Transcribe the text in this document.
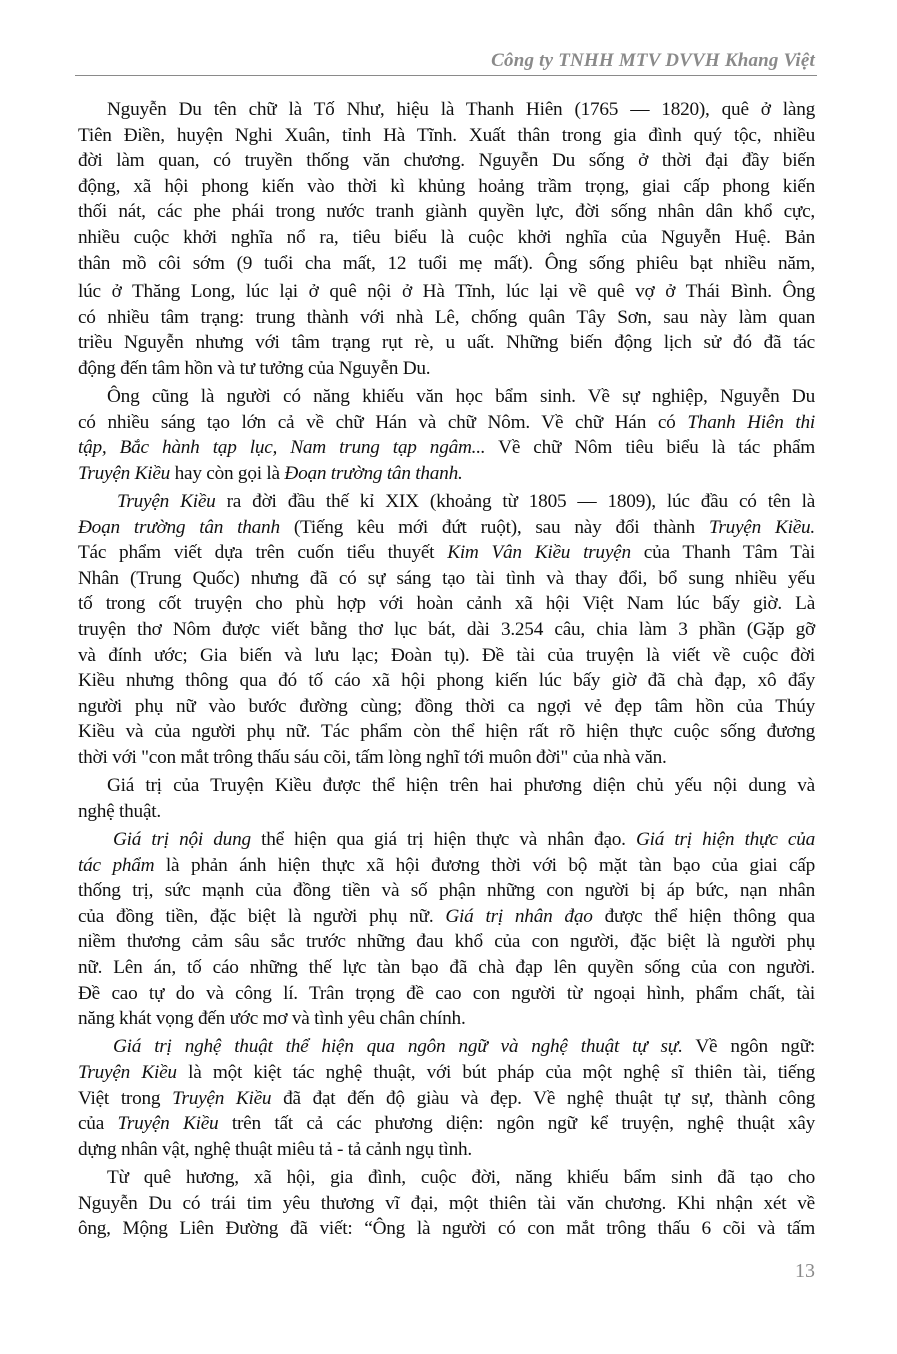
Công ty TNHH MTV DVVH Khang Việt
Nguyễn Du tên chữ là Tố Như, hiệu là Thanh Hiên (1765 — 1820), quê ở làng
Tiên Điền, huyện Nghi Xuân, tỉnh Hà Tĩnh. Xuất thân trong gia đình quý tộc, nhiều
đời làm quan, có truyền thống văn chương. Nguyễn Du sống ở thời đại đầy biến
động, xã hội phong kiến vào thời kì khủng hoảng trầm trọng, giai cấp phong kiến
thối nát, các phe phái trong nước tranh giành quyền lực, đời sống nhân dân khổ cực,
nhiều cuộc khởi nghĩa nổ ra, tiêu biểu là cuộc khởi nghĩa của Nguyễn Huệ. Bản
thân mồ côi sớm (9 tuổi cha mất, 12 tuổi mẹ mất). Ông sống phiêu bạt nhiều năm,
lúc ở Thăng Long, lúc lại ở quê nội ở Hà Tĩnh, lúc lại về quê vợ ở Thái Bình. Ông
có nhiều tâm trạng: trung thành với nhà Lê, chống quân Tây Sơn, sau này làm quan
triều Nguyễn nhưng với tâm trạng rụt rè, u uất. Những biến động lịch sử đó đã tác
động đến tâm hồn và tư tưởng của Nguyễn Du.
Ông cũng là người có năng khiếu văn học bẩm sinh. Về sự nghiệp, Nguyễn Du
có nhiều sáng tạo lớn cả về chữ Hán và chữ Nôm. Về chữ Hán có Thanh Hiên thi
tập, Bắc hành tạp lục, Nam trung tạp ngâm... Về chữ Nôm tiêu biểu là tác phẩm
Truyện Kiều hay còn gọi là Đoạn trường tân thanh.
Truyện Kiều ra đời đầu thế kỉ XIX (khoảng từ 1805 — 1809), lúc đầu có tên là
Đoạn trường tân thanh (Tiếng kêu mới đứt ruột), sau này đổi thành Truyện Kiều.
Tác phẩm viết dựa trên cuốn tiểu thuyết Kim Vân Kiều truyện của Thanh Tâm Tài
Nhân (Trung Quốc) nhưng đã có sự sáng tạo tài tình và thay đổi, bổ sung nhiều yếu
tố trong cốt truyện cho phù hợp với hoàn cảnh xã hội Việt Nam lúc bấy giờ. Là
truyện thơ Nôm được viết bằng thơ lục bát, dài 3.254 câu, chia làm 3 phần (Gặp gỡ
và đính ước; Gia biến và lưu lạc; Đoàn tụ). Đề tài của truyện là viết về cuộc đời
Kiều nhưng thông qua đó tố cáo xã hội phong kiến lúc bấy giờ đã chà đạp, xô đẩy
người phụ nữ vào bước đường cùng; đồng thời ca ngợi vẻ đẹp tâm hồn của Thúy
Kiều và của người phụ nữ. Tác phẩm còn thể hiện rất rõ hiện thực cuộc sống đương
thời với "con mắt trông thấu sáu cõi, tấm lòng nghĩ tới muôn đời" của nhà văn.
Giá trị của Truyện Kiều được thể hiện trên hai phương diện chủ yếu nội dung và
nghệ thuật.
Giá trị nội dung thể hiện qua giá trị hiện thực và nhân đạo. Giá trị hiện thực của
tác phẩm là phản ánh hiện thực xã hội đương thời với bộ mặt tàn bạo của giai cấp
thống trị, sức mạnh của đồng tiền và số phận những con người bị áp bức, nạn nhân
của đồng tiền, đặc biệt là người phụ nữ. Giá trị nhân đạo được thể hiện thông qua
niềm thương cảm sâu sắc trước những đau khổ của con người, đặc biệt là người phụ
nữ. Lên án, tố cáo những thế lực tàn bạo đã chà đạp lên quyền sống của con người.
Đề cao tự do và công lí. Trân trọng đề cao con người từ ngoại hình, phẩm chất, tài
năng khát vọng đến ước mơ và tình yêu chân chính.
Giá trị nghệ thuật thể hiện qua ngôn ngữ và nghệ thuật tự sự. Về ngôn ngữ:
Truyện Kiều là một kiệt tác nghệ thuật, với bút pháp của một nghệ sĩ thiên tài, tiếng
Việt trong Truyện Kiều đã đạt đến độ giàu và đẹp. Về nghệ thuật tự sự, thành công
của Truyện Kiều trên tất cả các phương diện: ngôn ngữ kể truyện, nghệ thuật xây
dựng nhân vật, nghệ thuật miêu tả - tả cảnh ngụ tình.
Từ quê hương, xã hội, gia đình, cuộc đời, năng khiếu bẩm sinh đã tạo cho
Nguyễn Du có trái tim yêu thương vĩ đại, một thiên tài văn chương. Khi nhận xét về
ông, Mộng Liên Đường đã viết: “Ông là người có con mắt trông thấu 6 cõi và tấm
13
